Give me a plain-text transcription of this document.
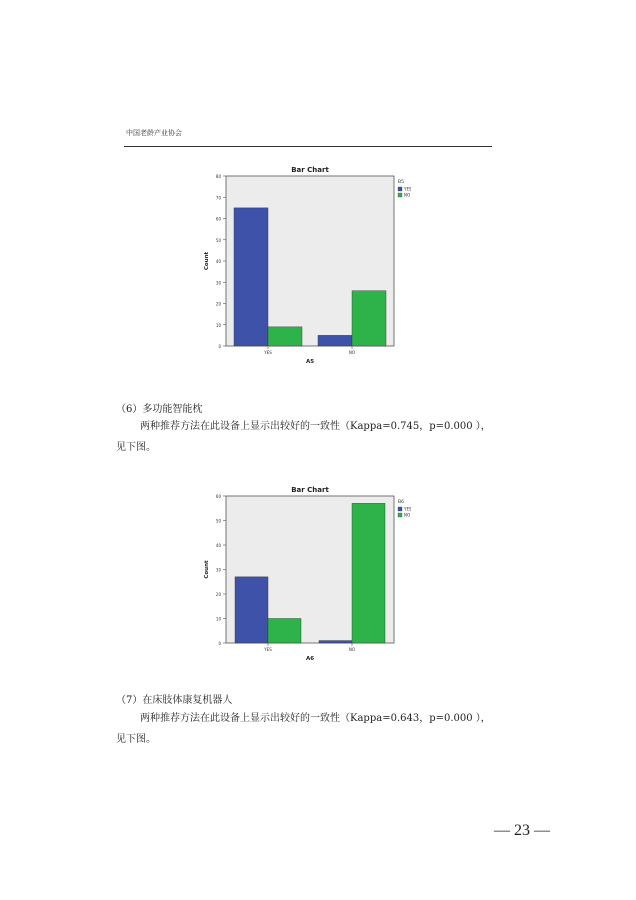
中国老龄产业协会
Bar Chart
0
10
20
30
40
50
60
70
80
Count
YES	NO
A5
B5
YES
NO
（6）多功能智能枕
两种推荐方法在此设备上显示出较好的一致性（Kappa=0.745，p=0.000 ），
见下图。
Bar Chart
0
10
20
30
40
50
60
Count
YES	NO
A6
B6
YES
NO
（7）在床肢体康复机器人
两种推荐方法在此设备上显示出较好的一致性（Kappa=0.643，p=0.000 ），
见下图。
— 23 —
